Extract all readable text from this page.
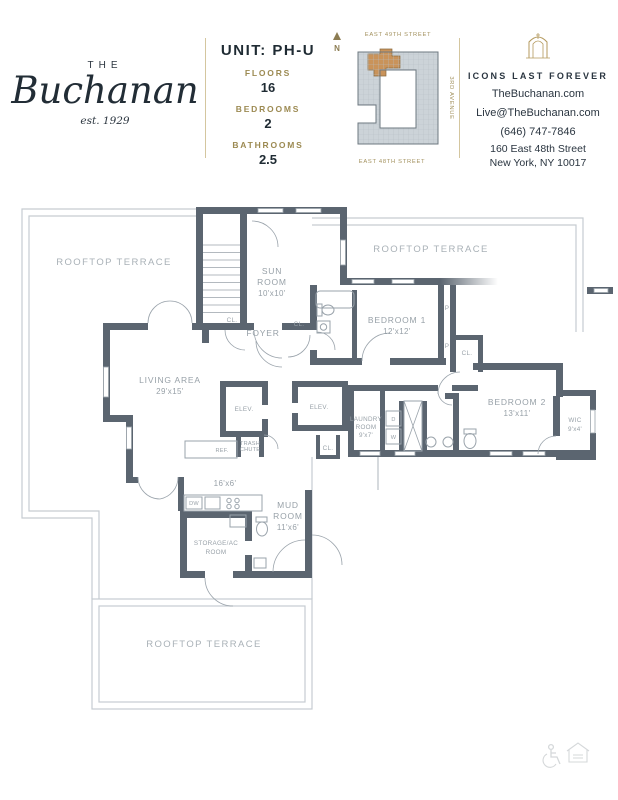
THE
Buchanan
est. 1929
UNIT: PH-U
FLOORS
16
BEDROOMS
2
BATHROOMS
2.5
N
EAST 49TH STREET
3RD AVENUE
EAST 48TH STREET
ICONS LAST FOREVER
TheBuchanan.com
Live@TheBuchanan.com
(646) 747-7846
160 East 48th Street
New York, NY 10017
ROOFTOP TERRACE
ROOFTOP TERRACE
ROOFTOP TERRACE
SUN
ROOM
10'x10'
FOYER
CL.
CL.
CL.
CL.
BEDROOM 1
12'x12'
BEDROOM 2
13'x11'
WIC
9'x4'
LAUNDRY
ROOM
9'x7'
LIVING AREA
29'x15'
16'x6'
MUD
ROOM
11'x6'
STORAGE/AC
ROOM
ELEV.	ELEV.
TRASH
CHUTE
REF.
DW
D
W
P
P
